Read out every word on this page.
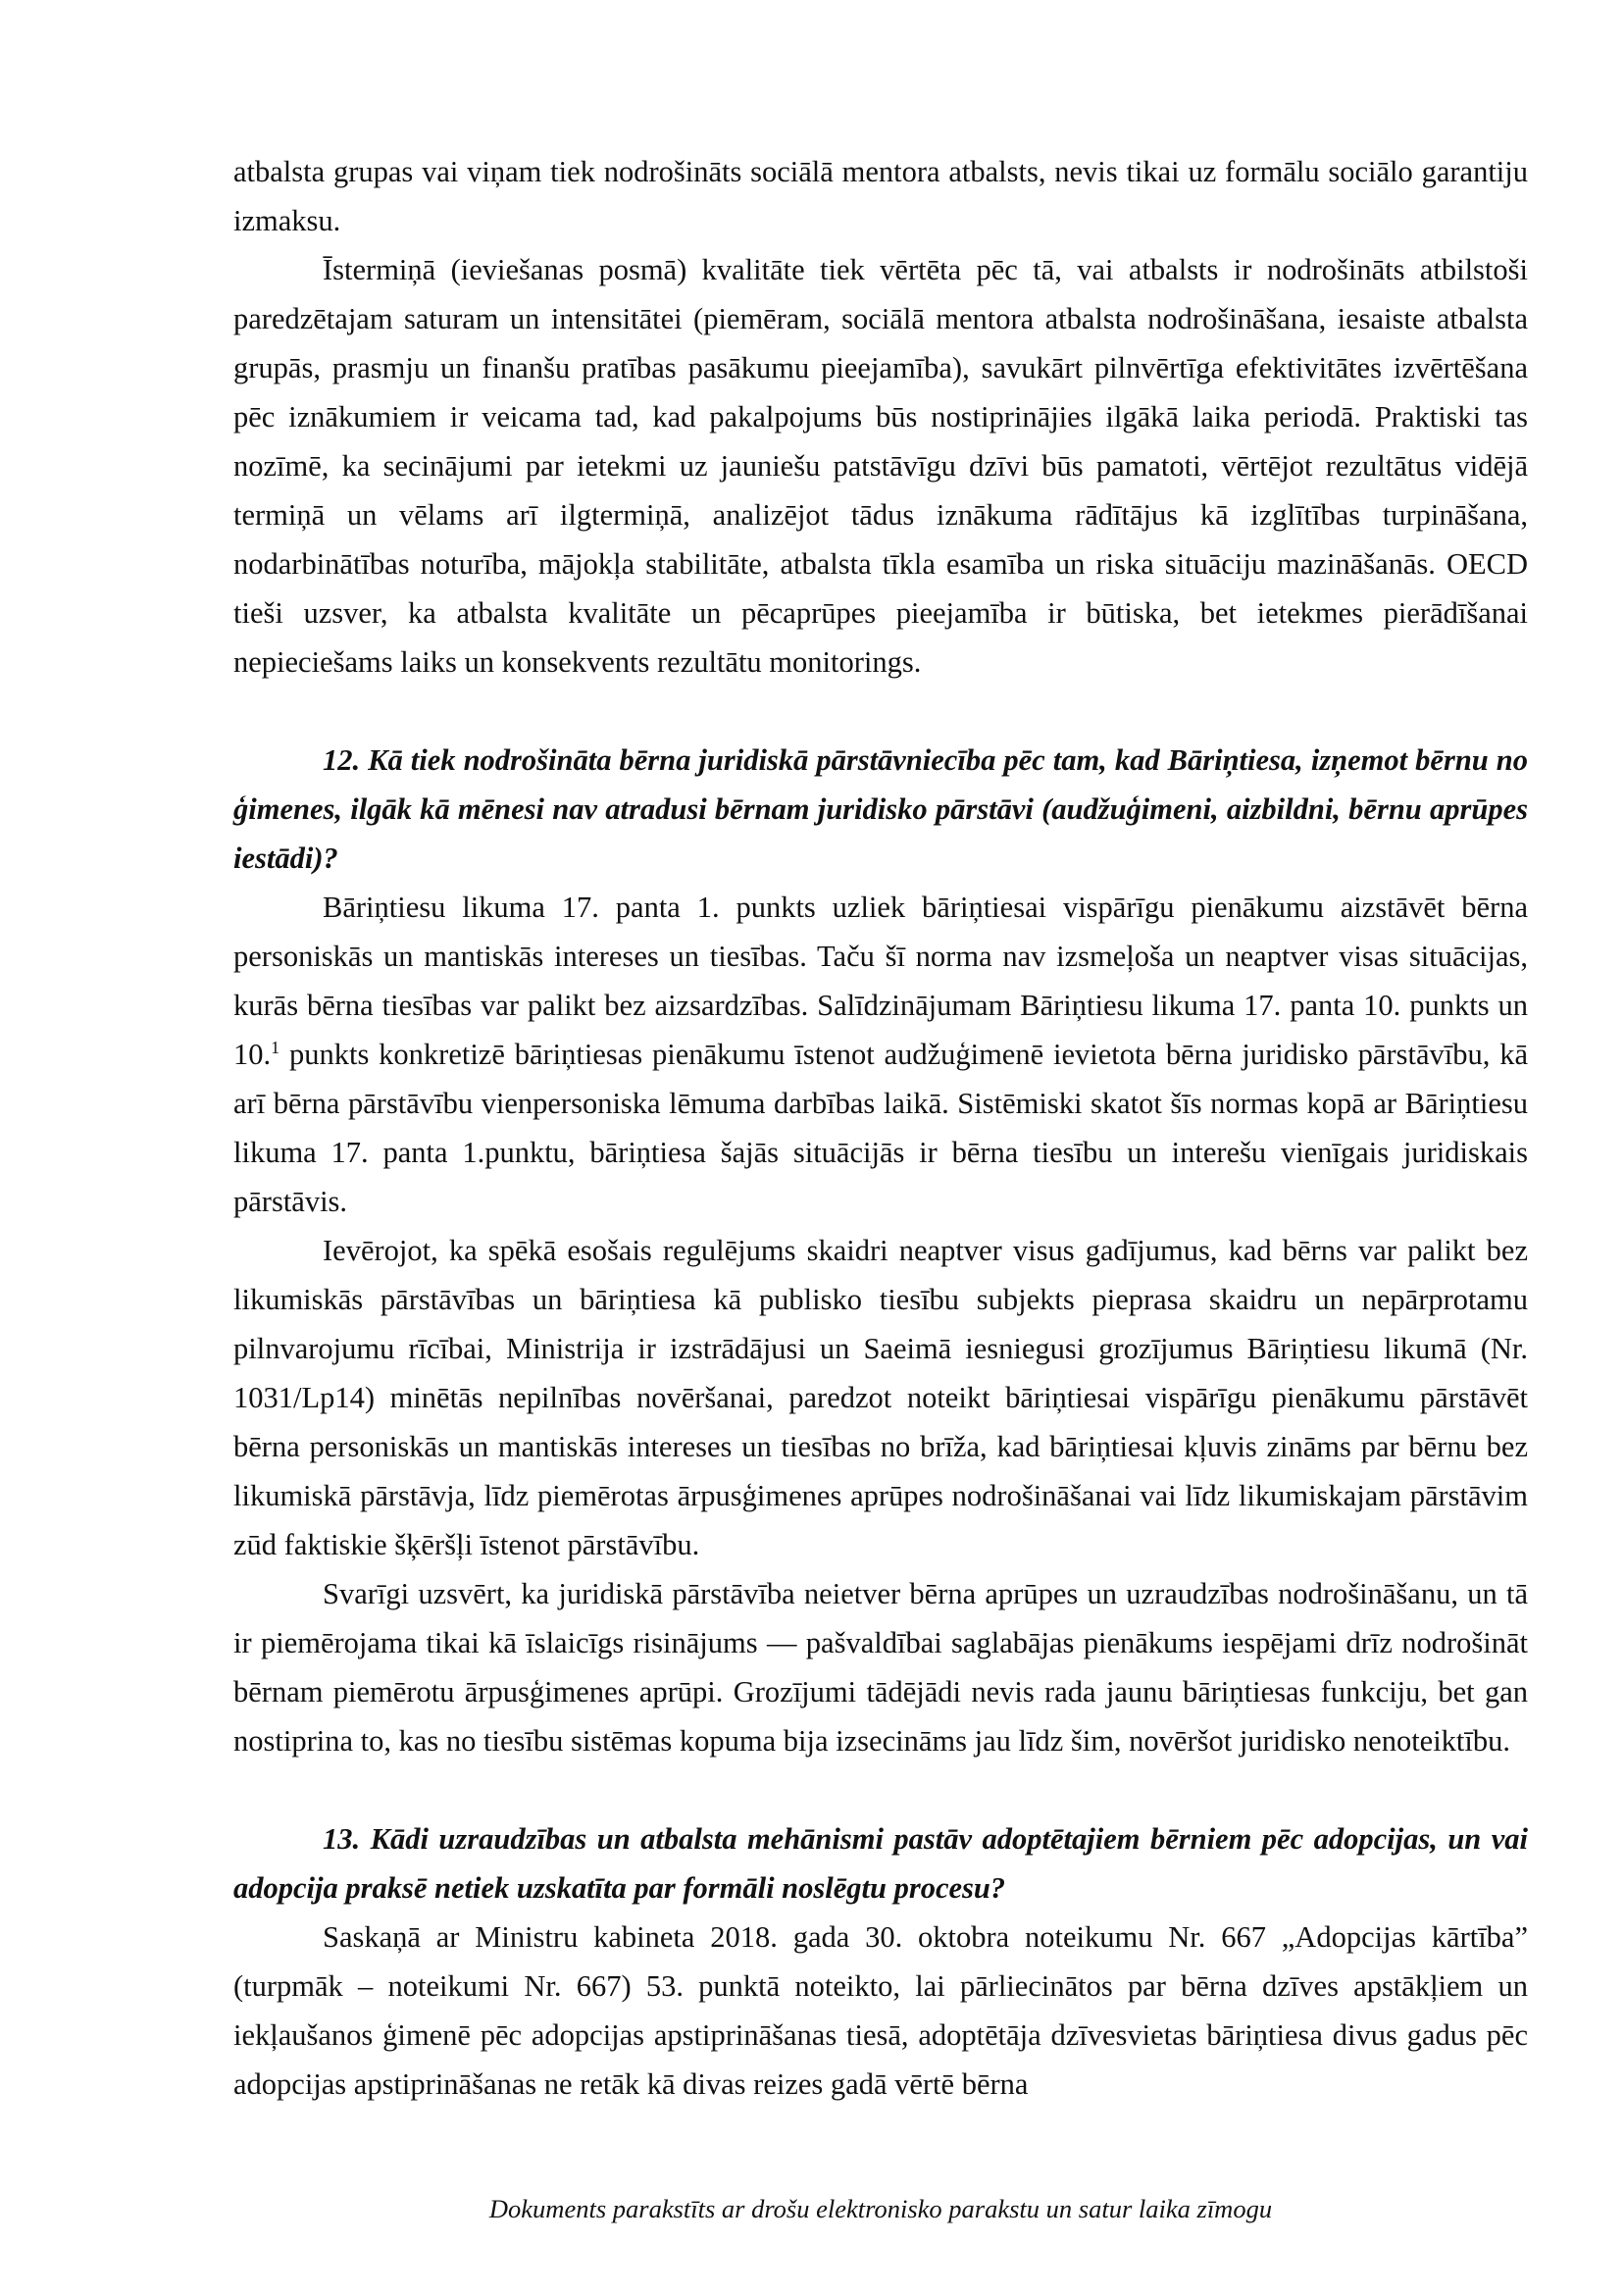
atbalsta grupas vai viņam tiek nodrošināts sociālā mentora atbalsts, nevis tikai uz formālu sociālo garantiju izmaksu.

Īstermiņā (ieviešanas posmā) kvalitāte tiek vērtēta pēc tā, vai atbalsts ir nodrošināts atbilstoši paredzētajam saturam un intensitātei (piemēram, sociālā mentora atbalsta nodrošināšana, iesaiste atbalsta grupās, prasmju un finanšu pratības pasākumu pieejamība), savukārt pilnvērtīga efektivitātes izvērtēšana pēc iznākumiem ir veicama tad, kad pakalpojums būs nostiprinājies ilgākā laika periodā. Praktiski tas nozīmē, ka secinājumi par ietekmi uz jauniešu patstāvīgu dzīvi būs pamatoti, vērtējot rezultātus vidējā termiņā un vēlams arī ilgtermiņā, analizējot tādus iznākuma rādītājus kā izglītības turpināšana, nodarbinātības noturība, mājokļa stabilitāte, atbalsta tīkla esamība un riska situāciju mazināšanās. OECD tieši uzsver, ka atbalsta kvalitāte un pēcaprūpes pieejamība ir būtiska, bet ietekmes pierādīšanai nepieciešams laiks un konsekvents rezultātu monitorings.

12. Kā tiek nodrošināta bērna juridiskā pārstāvniecība pēc tam, kad Bāriņtiesa, izņemot bērnu no ģimenes, ilgāk kā mēnesi nav atradusi bērnam juridisko pārstāvi (audžuģimeni, aizbildni, bērnu aprūpes iestādi)?

Bāriņtiesu likuma 17. panta 1. punkts uzliek bāriņtiesai vispārīgu pienākumu aizstāvēt bērna personiskās un mantiskās intereses un tiesības. Taču šī norma nav izsmeļoša un neaptver visas situācijas, kurās bērna tiesības var palikt bez aizsardzības. Salīdzinājumam Bāriņtiesu likuma 17. panta 10. punkts un 10.$^1$ punkts konkretizē bāriņtiesas pienākumu īstenot audžuģimenē ievietota bērna juridisko pārstāvību, kā arī bērna pārstāvību vienpersoniska lēmuma darbības laikā. Sistēmiski skatot šīs normas kopā ar Bāriņtiesu likuma 17. panta 1.punktu, bāriņtiesa šajās situācijās ir bērna tiesību un interešu vienīgais juridiskais pārstāvis.

Ievērojot, ka spēkā esošais regulējums skaidri neaptver visus gadījumus, kad bērns var palikt bez likumiskās pārstāvības un bāriņtiesa kā publisko tiesību subjekts pieprasa skaidru un nepārprotamu pilnvarojumu rīcībai, Ministrija ir izstrādājusi un Saeimā iesniegusi grozījumus Bāriņtiesu likumā (Nr. 1031/Lp14) minētās nepilnības novēršanai, paredzot noteikt bāriņtiesai vispārīgu pienākumu pārstāvēt bērna personiskās un mantiskās intereses un tiesības no brīža, kad bāriņtiesai kļuvis zināms par bērnu bez likumiskā pārstāvja, līdz piemērotas ārpusģimenes aprūpes nodrošināšanai vai līdz likumiskajam pārstāvim zūd faktiskie šķēršļi īstenot pārstāvību.

Svarīgi uzsvērt, ka juridiskā pārstāvība neietver bērna aprūpes un uzraudzības nodrošināšanu, un tā ir piemērojama tikai kā īslaicīgs risinājums — pašvaldībai saglabājas pienākums iespējami drīz nodrošināt bērnam piemērotu ārpusģimenes aprūpi. Grozījumi tādējādi nevis rada jaunu bāriņtiesas funkciju, bet gan nostiprina to, kas no tiesību sistēmas kopuma bija izsecināms jau līdz šim, novēršot juridisko nenoteiktību.

13. Kādi uzraudzības un atbalsta mehānismi pastāv adoptētajiem bērniem pēc adopcijas, un vai adopcija praksē netiek uzskatīta par formāli noslēgtu procesu?

Saskaņā ar Ministru kabineta 2018. gada 30. oktobra noteikumu Nr. 667 „Adopcijas kārtība” (turpmāk – noteikumi Nr. 667) 53. punktā noteikto, lai pārliecinātos par bērna dzīves apstākļiem un iekļaušanos ģimenē pēc adopcijas apstiprināšanas tiesā, adoptētāja dzīvesvietas bāriņtiesa divus gadus pēc adopcijas apstiprināšanas ne retāk kā divas reizes gadā vērtē bērna

Dokuments parakstīts ar drošu elektronisko parakstu un satur laika zīmogu
